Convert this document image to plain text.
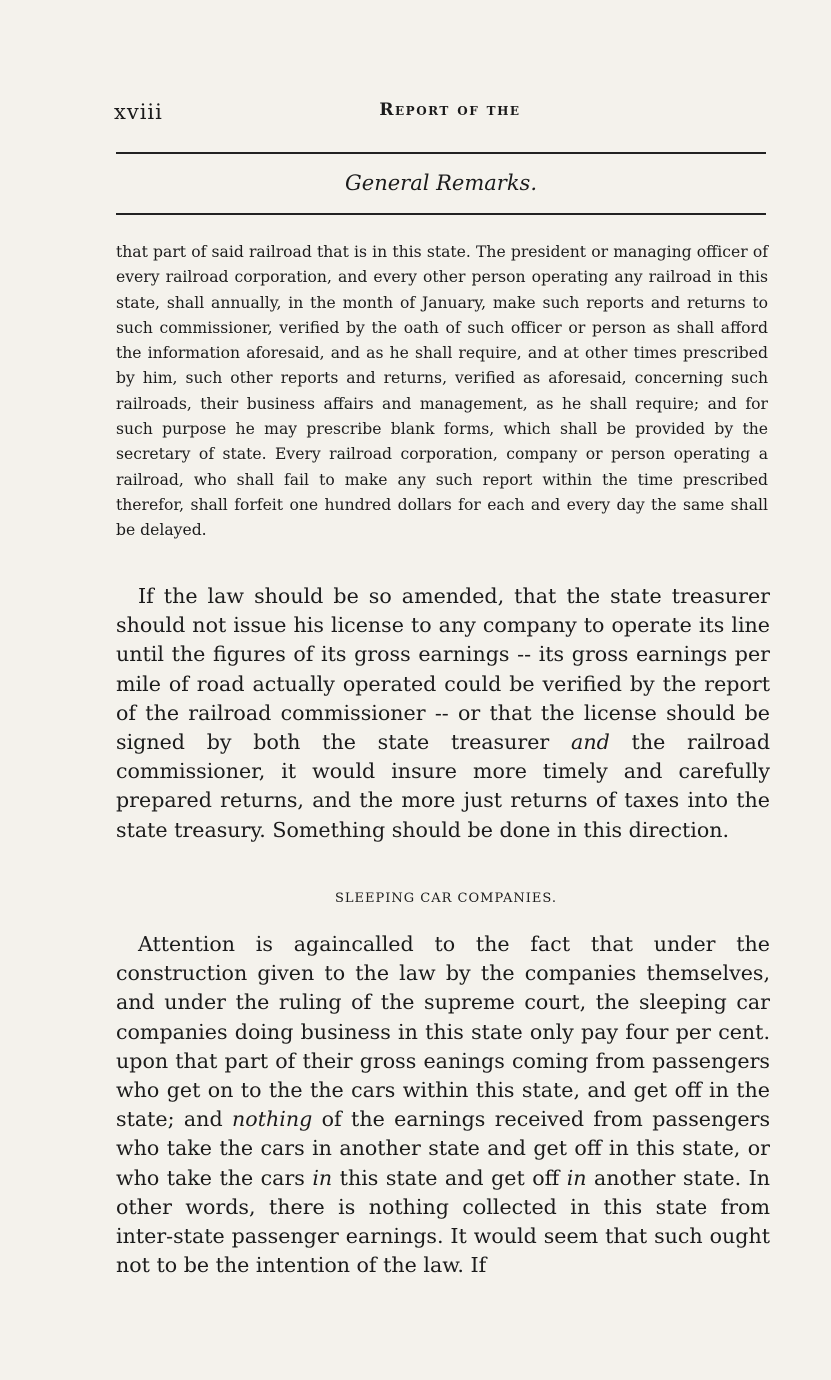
xviii	Report of the
General Remarks.

that part of said railroad that is in this state. The president or managing officer of every railroad corporation, and every other person operating any railroad in this state, shall annually, in the month of January, make such reports and returns to such commissioner, verified by the oath of such officer or person as shall afford the information aforesaid, and as he shall require, and at other times prescribed by him, such other reports and returns, verified as aforesaid, concerning such railroads, their business affairs and management, as he shall require; and for such purpose he may prescribe blank forms, which shall be provided by the secretary of state. Every railroad corporation, company or person operating a railroad, who shall fail to make any such report within the time prescribed therefor, shall forfeit one hundred dollars for each and every day the same shall be delayed.

If the law should be so amended, that the state treasurer should not issue his license to any company to operate its line until the figures of its gross earnings -- its gross earnings per mile of road actually operated could be verified by the report of the railroad commissioner -- or that the license should be signed by both the state treasurer and the railroad commissioner, it would insure more timely and carefully prepared returns, and the more just returns of taxes into the state treasury. Something should be done in this direction.

SLEEPING CAR COMPANIES.

Attention is againcalled to the fact that under the construction given to the law by the companies themselves, and under the ruling of the supreme court, the sleeping car companies doing business in this state only pay four per cent. upon that part of their gross eanings coming from passengers who get on to the the cars within this state, and get off in the state; and nothing of the earnings received from passengers who take the cars in another state and get off in this state, or who take the cars in this state and get off in another state. In other words, there is nothing collected in this state from inter-state passenger earnings. It would seem that such ought not to be the intention of the law. If
